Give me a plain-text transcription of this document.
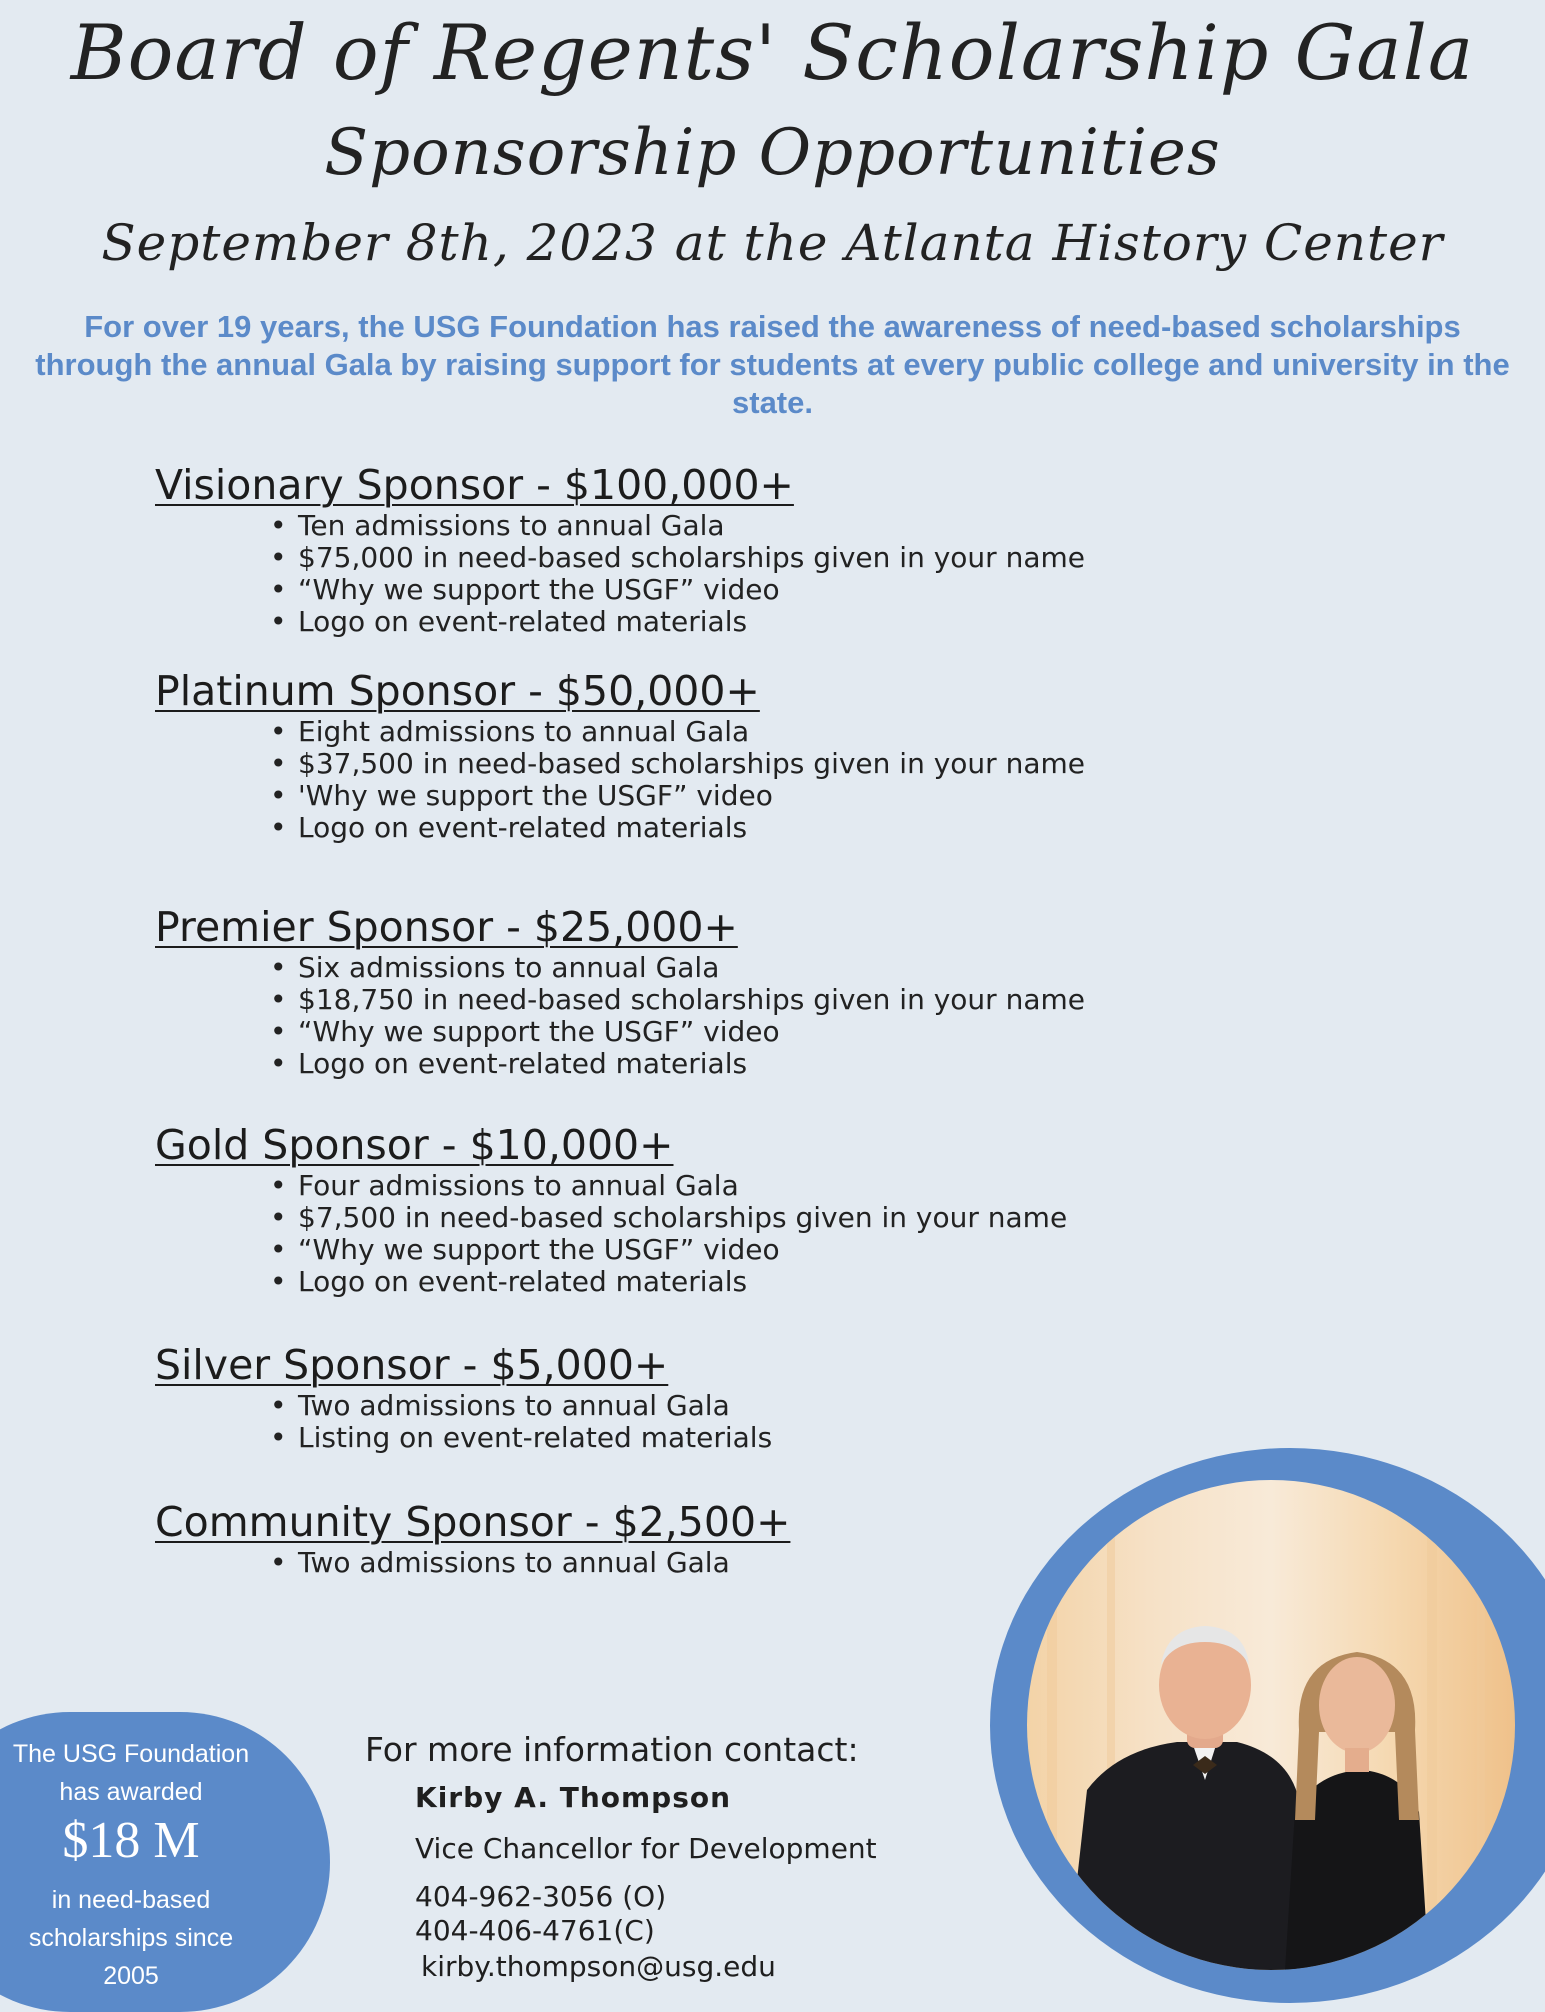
Board of Regents' Scholarship Gala
Sponsorship Opportunities
September 8th, 2023 at the Atlanta History Center

For over 19 years, the USG Foundation has raised the awareness of need-based scholarships through the annual Gala by raising support for students at every public college and university in the state.

Visionary Sponsor - $100,000+
• Ten admissions to annual Gala
• $75,000 in need-based scholarships given in your name
• “Why we support the USGF” video
• Logo on event-related materials
Platinum Sponsor - $50,000+
• Eight admissions to annual Gala
• $37,500 in need-based scholarships given in your name
• 'Why we support the USGF” video
• Logo on event-related materials
Premier Sponsor - $25,000+
• Six admissions to annual Gala
• $18,750 in need-based scholarships given in your name
• “Why we support the USGF” video
• Logo on event-related materials
Gold Sponsor - $10,000+
• Four admissions to annual Gala
• $7,500 in need-based scholarships given in your name
• “Why we support the USGF” video
• Logo on event-related materials
Silver Sponsor - $5,000+
• Two admissions to annual Gala
• Listing on event-related materials
Community Sponsor - $2,500+
• Two admissions to annual Gala
The USG Foundation
has awarded
$18 M
in need-based
scholarships since
2005
For more information contact:
Kirby A. Thompson
Vice Chancellor for Development
404-962-3056 (O)
404-406-4761(C)
kirby.thompson@usg.edu
